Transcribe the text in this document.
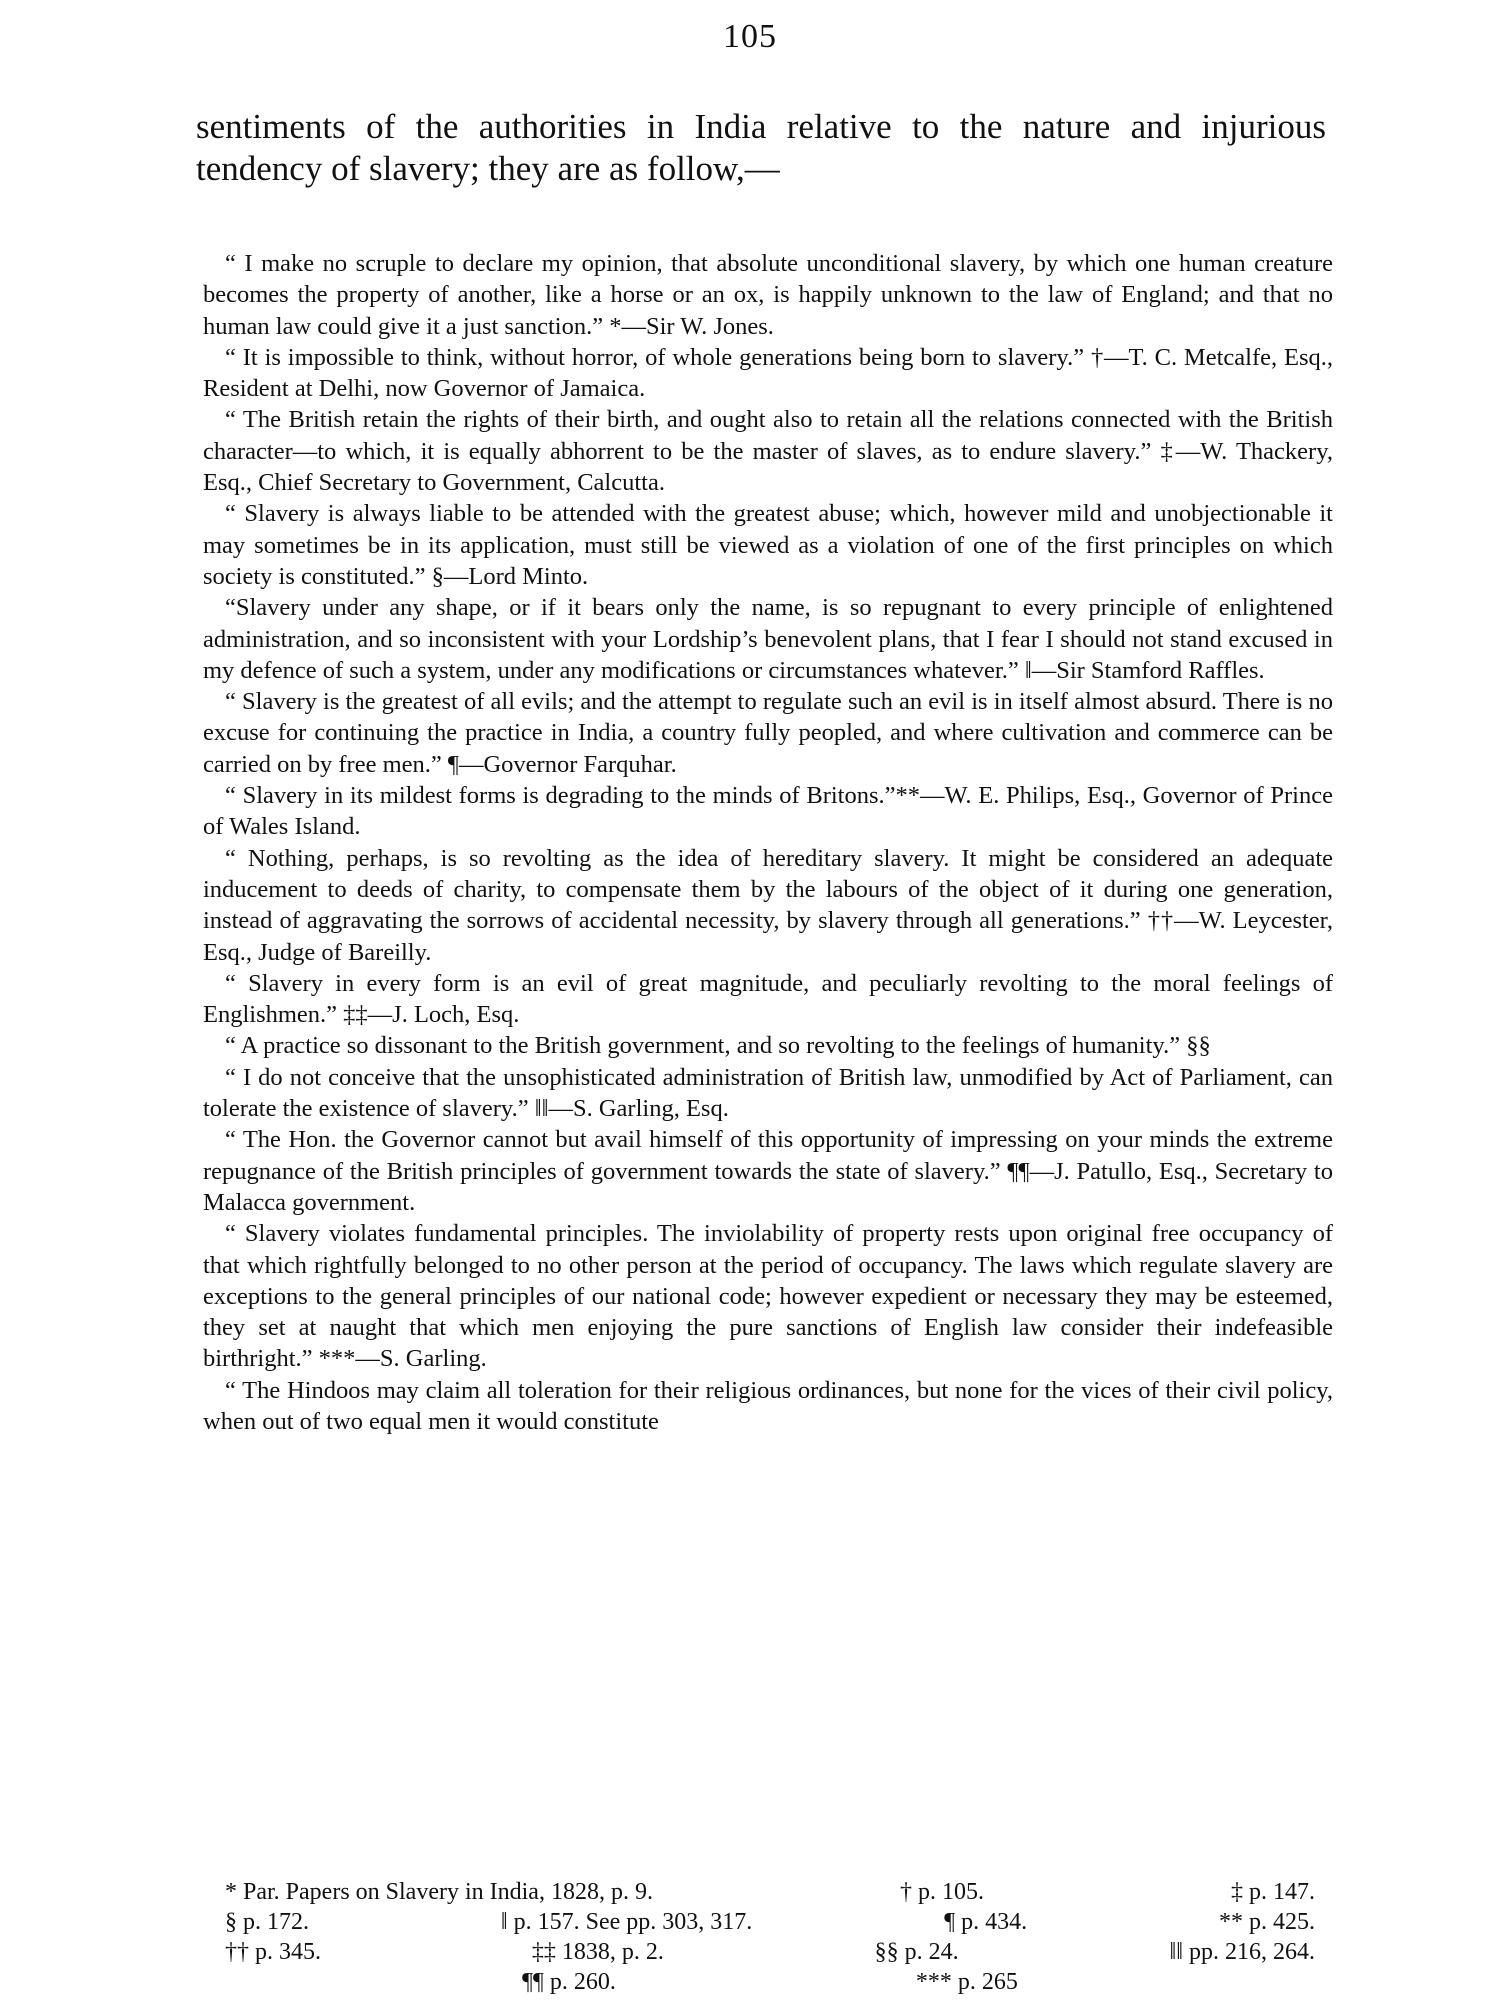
105
sentiments of the authorities in India relative to the nature and injurious tendency of slavery; they are as follow,—

“ I make no scruple to declare my opinion, that absolute unconditional slavery, by which one human creature becomes the property of another, like a horse or an ox, is happily unknown to the law of England; and that no human law could give it a just sanction.” *—Sir W. Jones.

“ It is impossible to think, without horror, of whole generations being born to slavery.” †—T. C. Metcalfe, Esq., Resident at Delhi, now Governor of Jamaica.

“ The British retain the rights of their birth, and ought also to retain all the relations connected with the British character—to which, it is equally abhorrent to be the master of slaves, as to endure slavery.” ‡—W. Thackery, Esq., Chief Secretary to Government, Calcutta.

“ Slavery is always liable to be attended with the greatest abuse; which, however mild and unobjectionable it may sometimes be in its application, must still be viewed as a violation of one of the first principles on which society is constituted.” §—Lord Minto.

“Slavery under any shape, or if it bears only the name, is so repugnant to every principle of enlightened administration, and so inconsistent with your Lordship’s benevolent plans, that I fear I should not stand excused in my defence of such a system, under any modifications or circumstances whatever.” ‖—Sir Stamford Raffles.

“ Slavery is the greatest of all evils; and the attempt to regulate such an evil is in itself almost absurd. There is no excuse for continuing the practice in India, a country fully peopled, and where cultivation and commerce can be carried on by free men.” ¶—Governor Farquhar.

“ Slavery in its mildest forms is degrading to the minds of Britons.”**—W. E. Philips, Esq., Governor of Prince of Wales Island.

“ Nothing, perhaps, is so revolting as the idea of hereditary slavery. It might be considered an adequate inducement to deeds of charity, to compensate them by the labours of the object of it during one generation, instead of aggravating the sorrows of accidental necessity, by slavery through all generations.” ††—W. Leycester, Esq., Judge of Bareilly.

“ Slavery in every form is an evil of great magnitude, and peculiarly revolting to the moral feelings of Englishmen.” ‡‡—J. Loch, Esq.

“ A practice so dissonant to the British government, and so revolting to the feelings of humanity.” §§

“ I do not conceive that the unsophisticated administration of British law, unmodified by Act of Parliament, can tolerate the existence of slavery.” ‖‖—S. Garling, Esq.

“ The Hon. the Governor cannot but avail himself of this opportunity of impressing on your minds the extreme repugnance of the British principles of government towards the state of slavery.” ¶¶—J. Patullo, Esq., Secretary to Malacca government.

“ Slavery violates fundamental principles. The inviolability of property rests upon original free occupancy of that which rightfully belonged to no other person at the period of occupancy. The laws which regulate slavery are exceptions to the general principles of our national code; however expedient or necessary they may be esteemed, they set at naught that which men enjoying the pure sanctions of English law consider their indefeasible birthright.” ***—S. Garling.

“ The Hindoos may claim all toleration for their religious ordinances, but none for the vices of their civil policy, when out of two equal men it would constitute

* Par. Papers on Slavery in India, 1828, p. 9.	† p. 105.	‡ p. 147.
§ p. 172.	‖ p. 157. See pp. 303, 317.	¶ p. 434.	** p. 425.
†† p. 345.	‡‡ 1838, p. 2.	§§ p. 24.	‖‖ pp. 216, 264.
¶¶ p. 260.	*** p. 265
